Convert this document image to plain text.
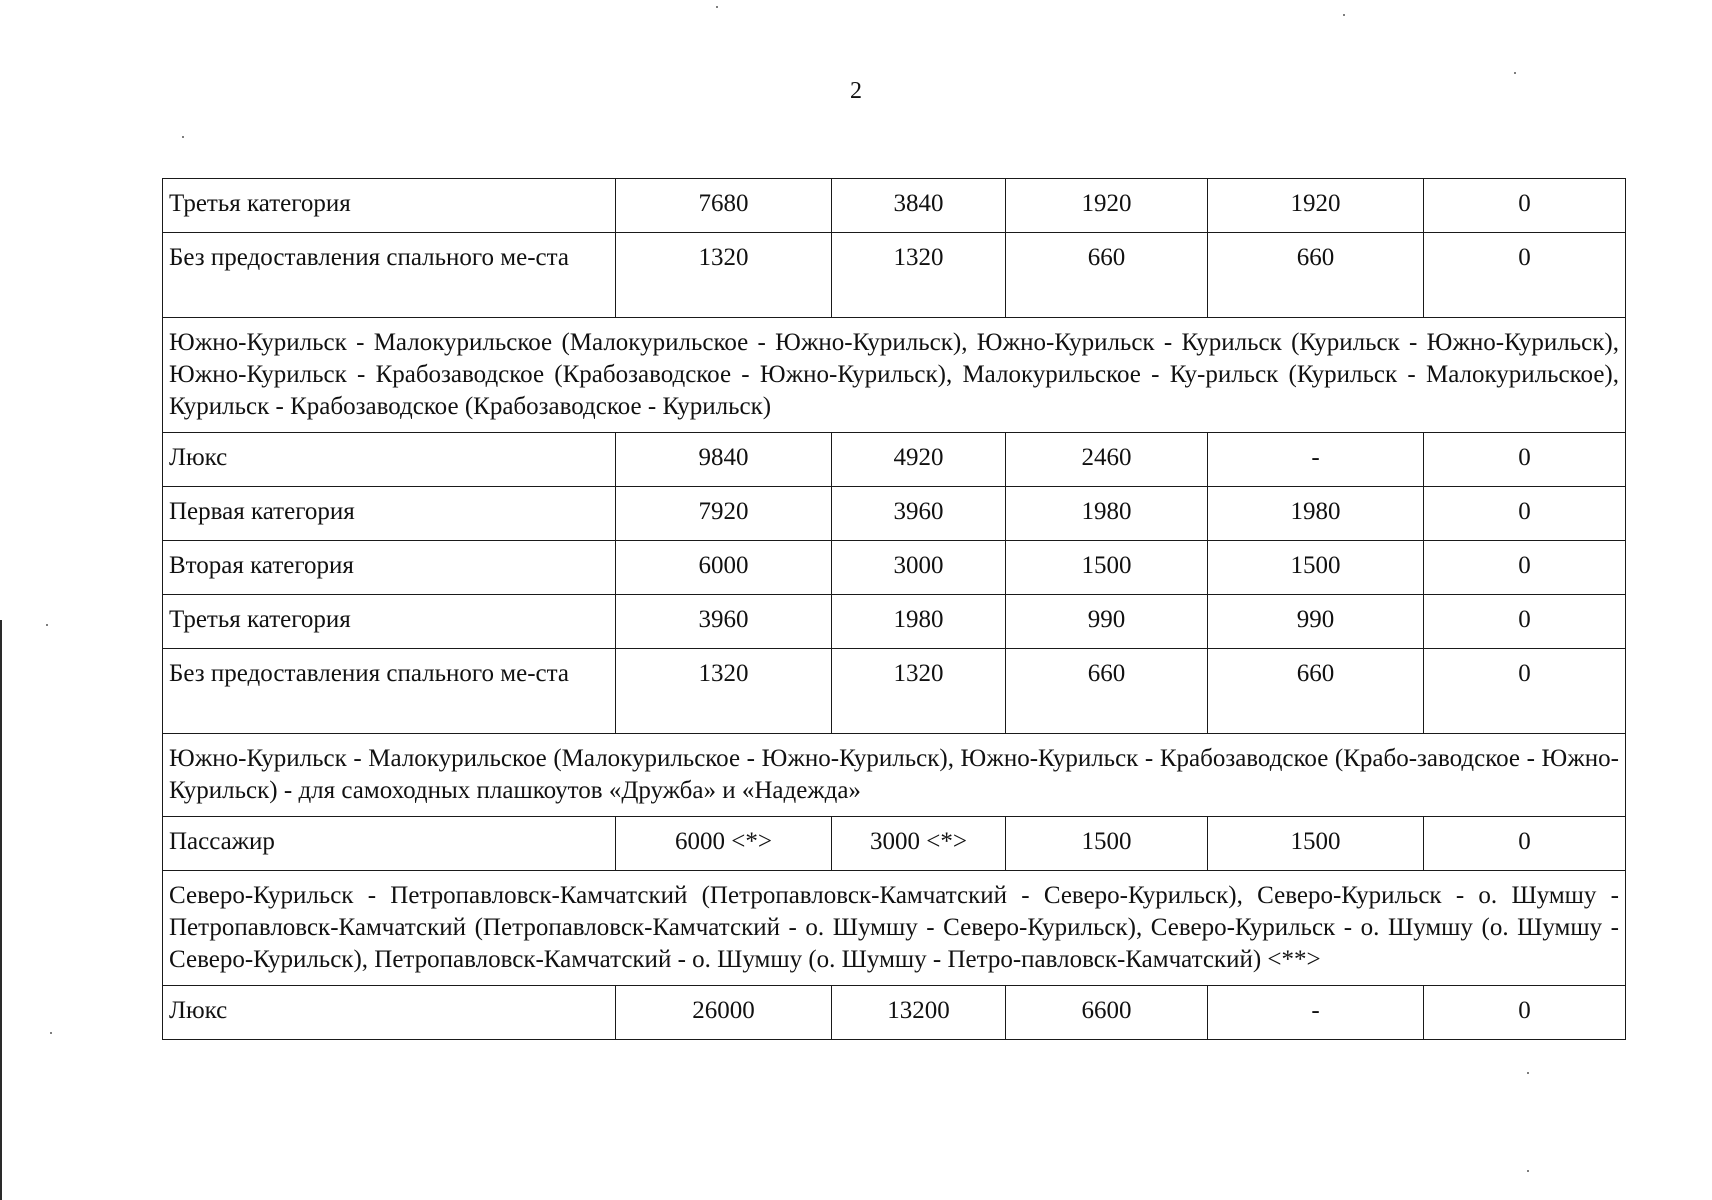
2
Третья категория	7680	3840	1920	1920	0
Без предоставления спального ме-ста	1320	1320	660	660	0
Южно-Курильск - Малокурильское (Малокурильское - Южно-Курильск), Южно-Курильск - Курильск (Курильск - Южно-Курильск), Южно-Курильск - Крабозаводское (Крабозаводское - Южно-Курильск), Малокурильское - Ку-рильск (Курильск - Малокурильское), Курильск - Крабозаводское (Крабозаводское - Курильск)					
Люкс	9840	4920	2460	-	0
Первая категория	7920	3960	1980	1980	0
Вторая категория	6000	3000	1500	1500	0
Третья категория	3960	1980	990	990	0
Без предоставления спального ме-ста	1320	1320	660	660	0
Южно-Курильск - Малокурильское (Малокурильское - Южно-Курильск), Южно-Курильск - Крабозаводское (Крабо-заводское - Южно-Курильск) - для самоходных плашкоутов «Дружба» и «Надежда»					
Пассажир	6000 <*>	3000 <*>	1500	1500	0
Северо-Курильск - Петропавловск-Камчатский (Петропавловск-Камчатский - Северо-Курильск), Северо-Курильск - о. Шумшу - Петропавловск-Камчатский (Петропавловск-Камчатский - о. Шумшу - Северо-Курильск), Северо-Курильск - о. Шумшу (о. Шумшу - Северо-Курильск), Петропавловск-Камчатский - о. Шумшу (о. Шумшу - Петро-павловск-Камчатский) <**>					
Люкс	26000	13200	6600	-	0
